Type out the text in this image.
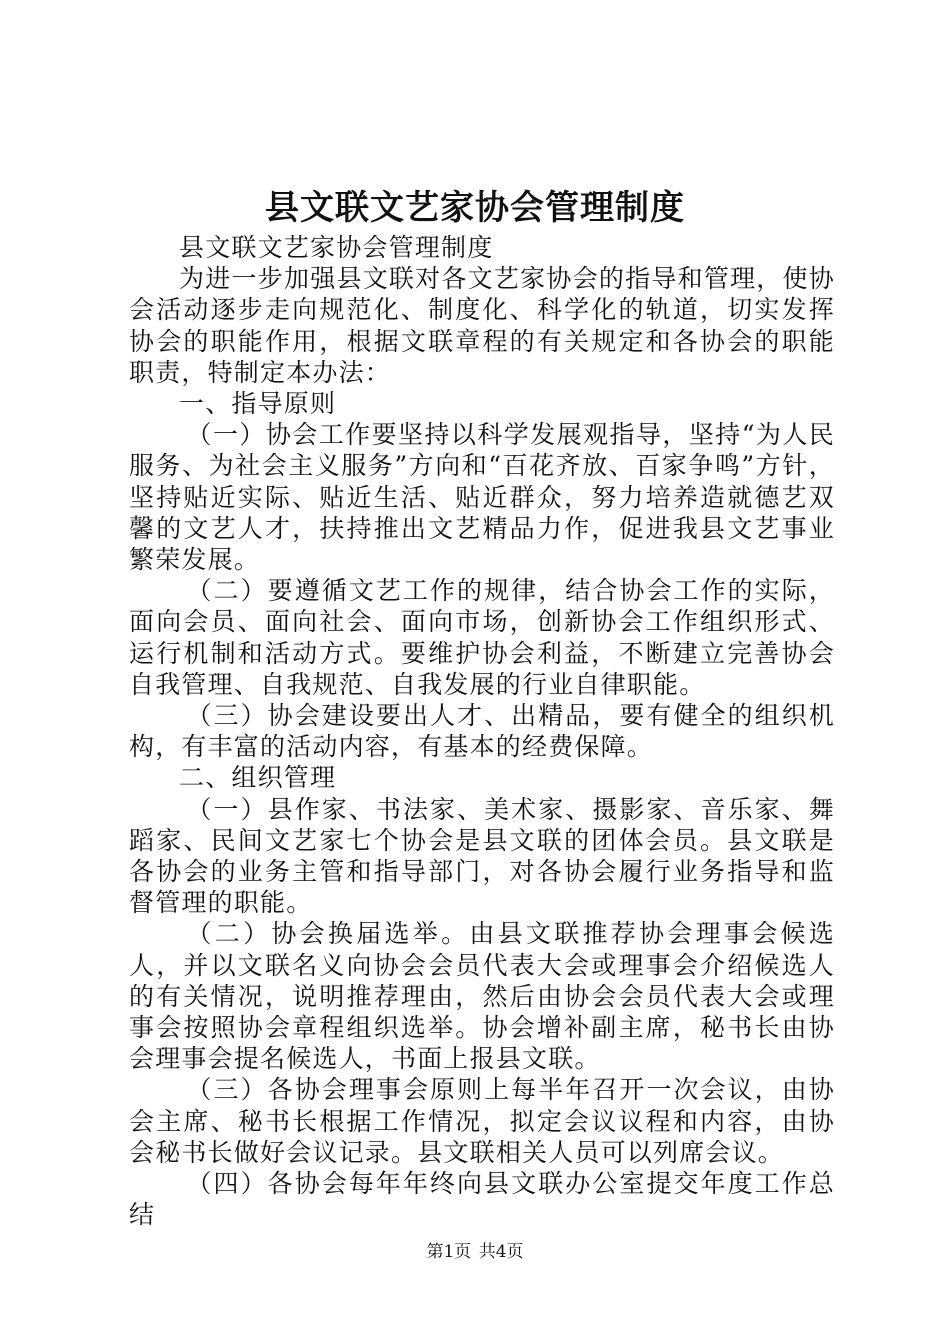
县文联文艺家协会管理制度

县文联文艺家协会管理制度

为进一步加强县文联对各文艺家协会的指导和管理，使协会活动逐步走向规范化、制度化、科学化的轨道，切实发挥协会的职能作用，根据文联章程的有关规定和各协会的职能职责，特制定本办法：

一、指导原则

（一）协会工作要坚持以科学发展观指导，坚持“为人民服务、为社会主义服务”方向和“百花齐放、百家争鸣”方针，坚持贴近实际、贴近生活、贴近群众，努力培养造就德艺双馨的文艺人才，扶持推出文艺精品力作，促进我县文艺事业繁荣发展。

（二）要遵循文艺工作的规律，结合协会工作的实际，面向会员、面向社会、面向市场，创新协会工作组织形式、运行机制和活动方式。要维护协会利益，不断建立完善协会自我管理、自我规范、自我发展的行业自律职能。

（三）协会建设要出人才、出精品，要有健全的组织机构，有丰富的活动内容，有基本的经费保障。

二、组织管理

（一）县作家、书法家、美术家、摄影家、音乐家、舞蹈家、民间文艺家七个协会是县文联的团体会员。县文联是各协会的业务主管和指导部门，对各协会履行业务指导和监督管理的职能。

（二）协会换届选举。由县文联推荐协会理事会候选人，并以文联名义向协会会员代表大会或理事会介绍候选人的有关情况，说明推荐理由，然后由协会会员代表大会或理事会按照协会章程组织选举。协会增补副主席，秘书长由协会理事会提名候选人，书面上报县文联。

（三）各协会理事会原则上每半年召开一次会议，由协会主席、秘书长根据工作情况，拟定会议议程和内容，由协会秘书长做好会议记录。县文联相关人员可以列席会议。

（四）各协会每年年终向县文联办公室提交年度工作总结

第1页 共4页
